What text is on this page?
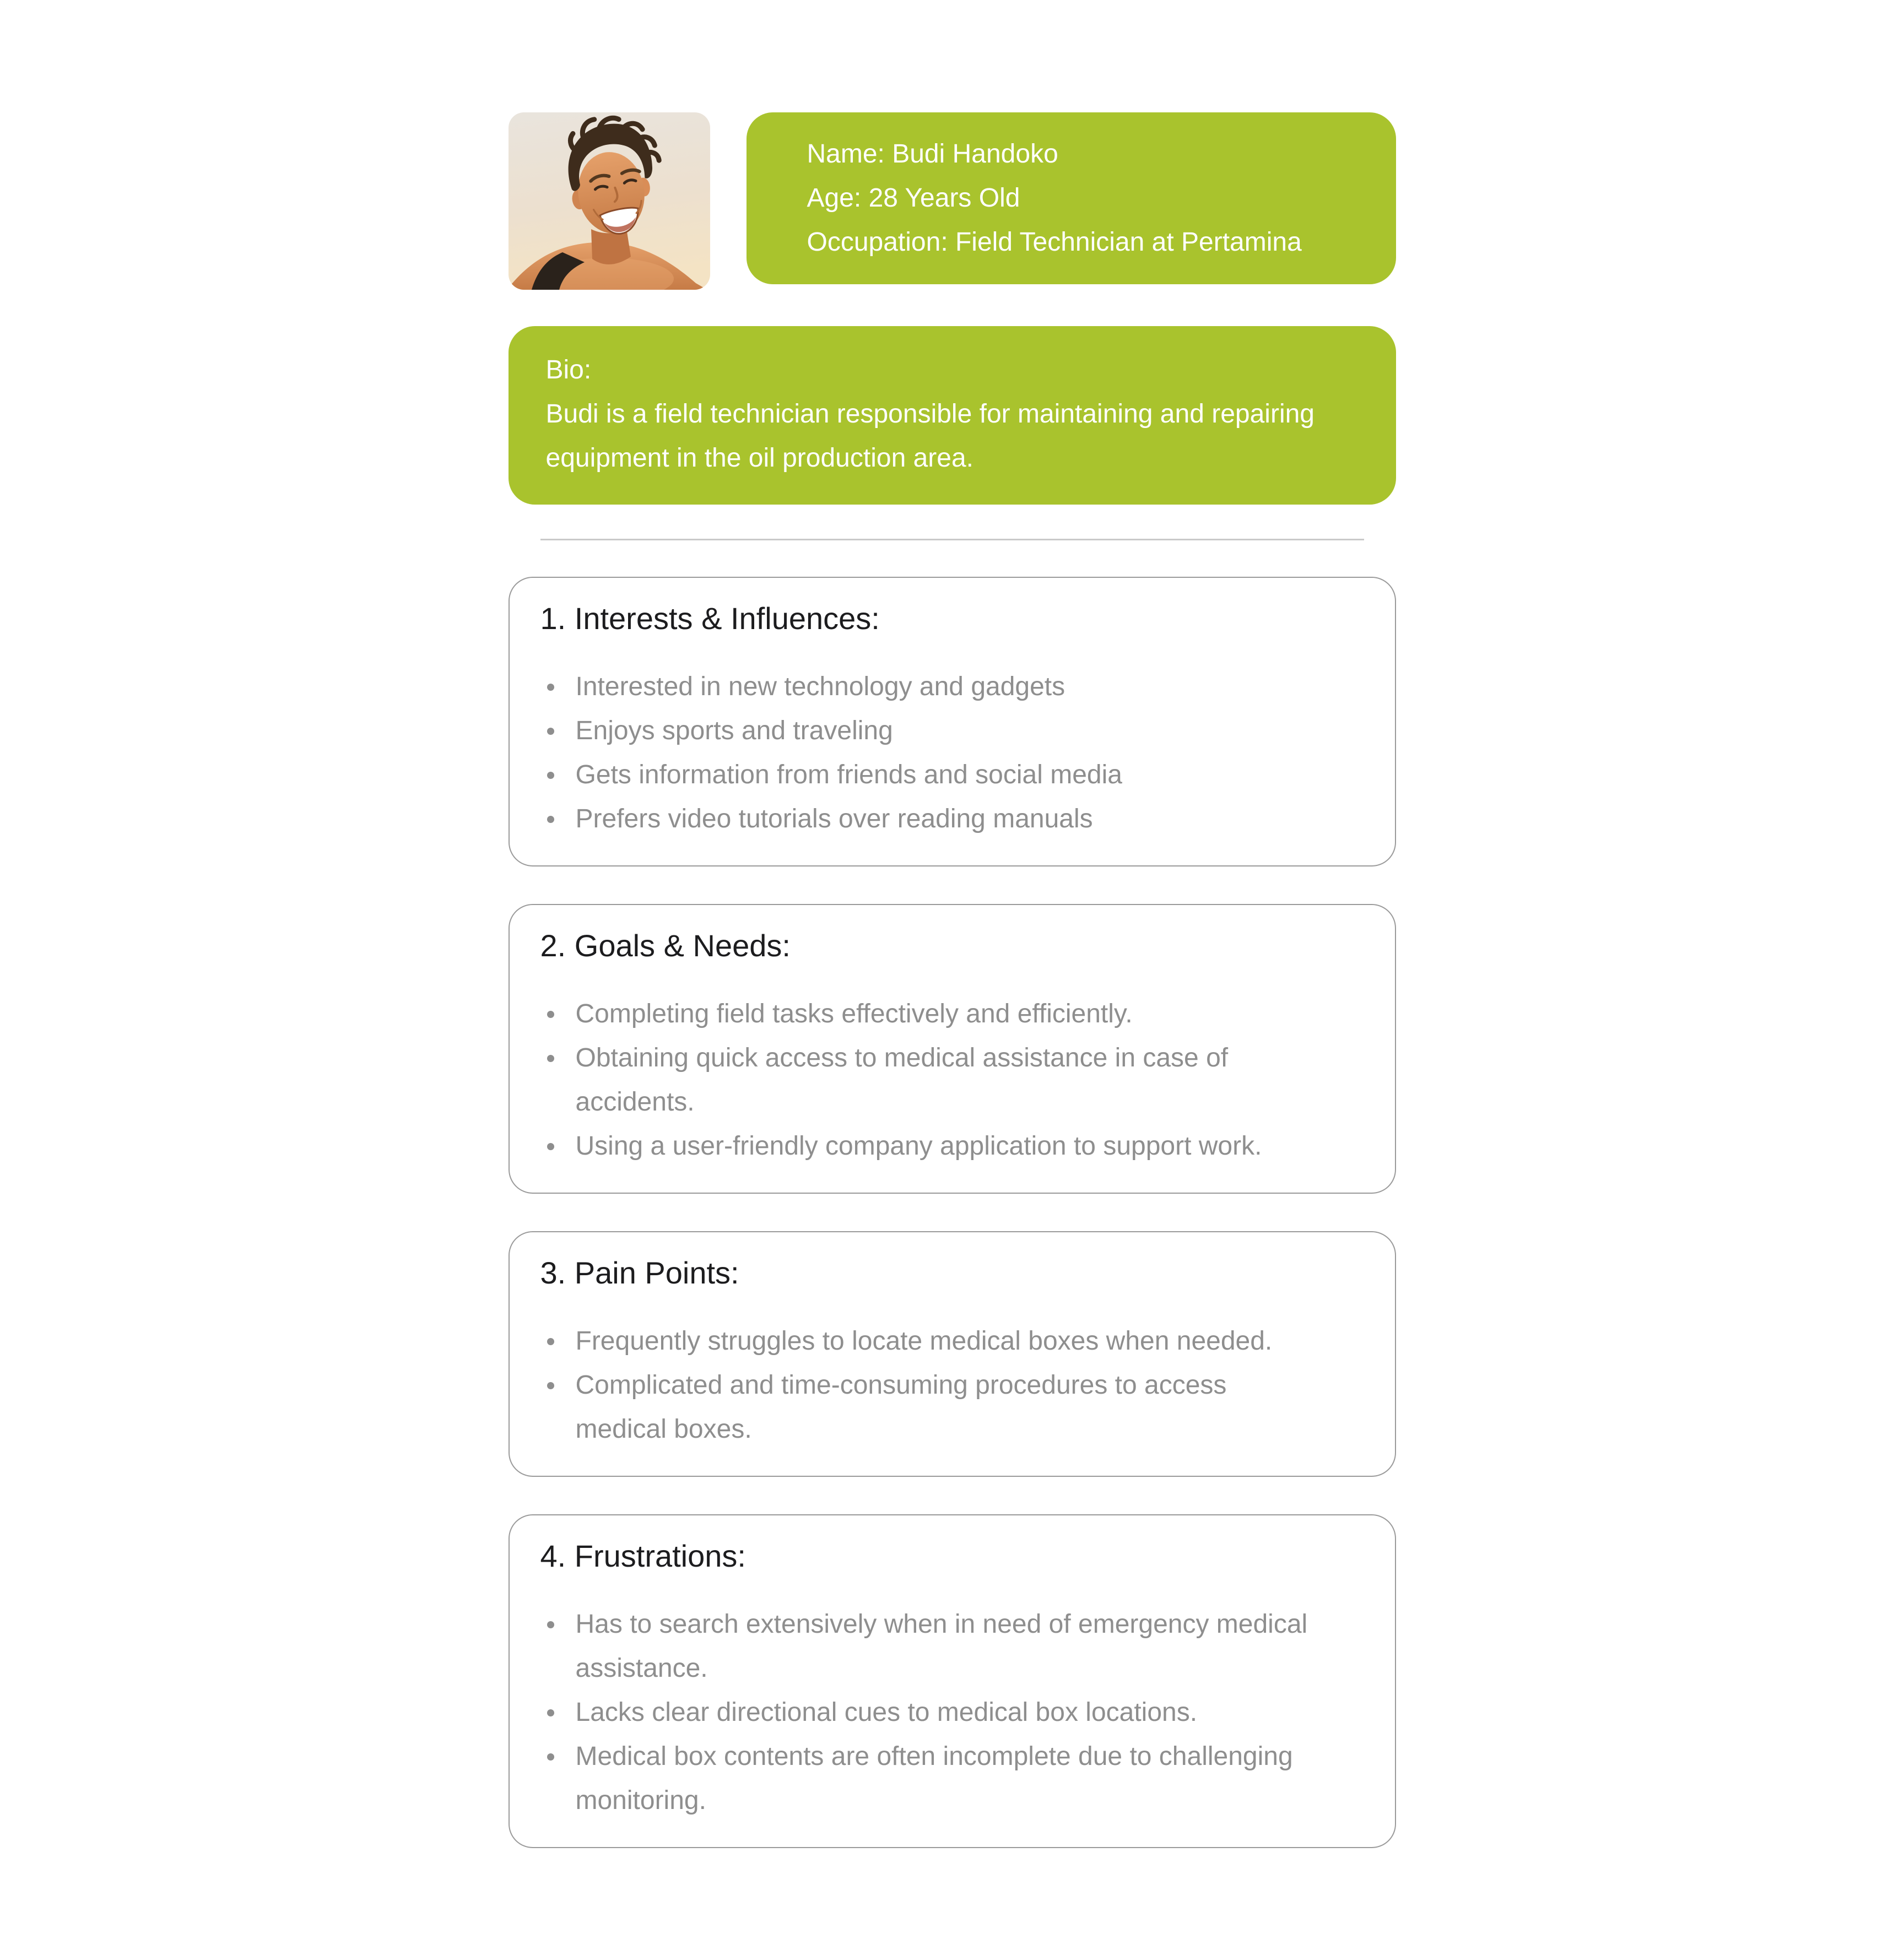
Name: Budi Handoko
Age: 28 Years Old
Occupation: Field Technician at Pertamina
Bio:
Budi is a field technician responsible for maintaining and repairing equipment in the oil production area.
1. Interests & Influences:
Interested in new technology and gadgets
Enjoys sports and traveling
Gets information from friends and social media
Prefers video tutorials over reading manuals
2. Goals & Needs:
Completing field tasks effectively and efficiently.
Obtaining quick access to medical assistance in case of accidents.
Using a user-friendly company application to support work.
3. Pain Points:
Frequently struggles to locate medical boxes when needed.
Complicated and time-consuming procedures to access medical boxes.
4. Frustrations:
Has to search extensively when in need of emergency medical assistance.
Lacks clear directional cues to medical box locations.
Medical box contents are often incomplete due to challenging monitoring.
